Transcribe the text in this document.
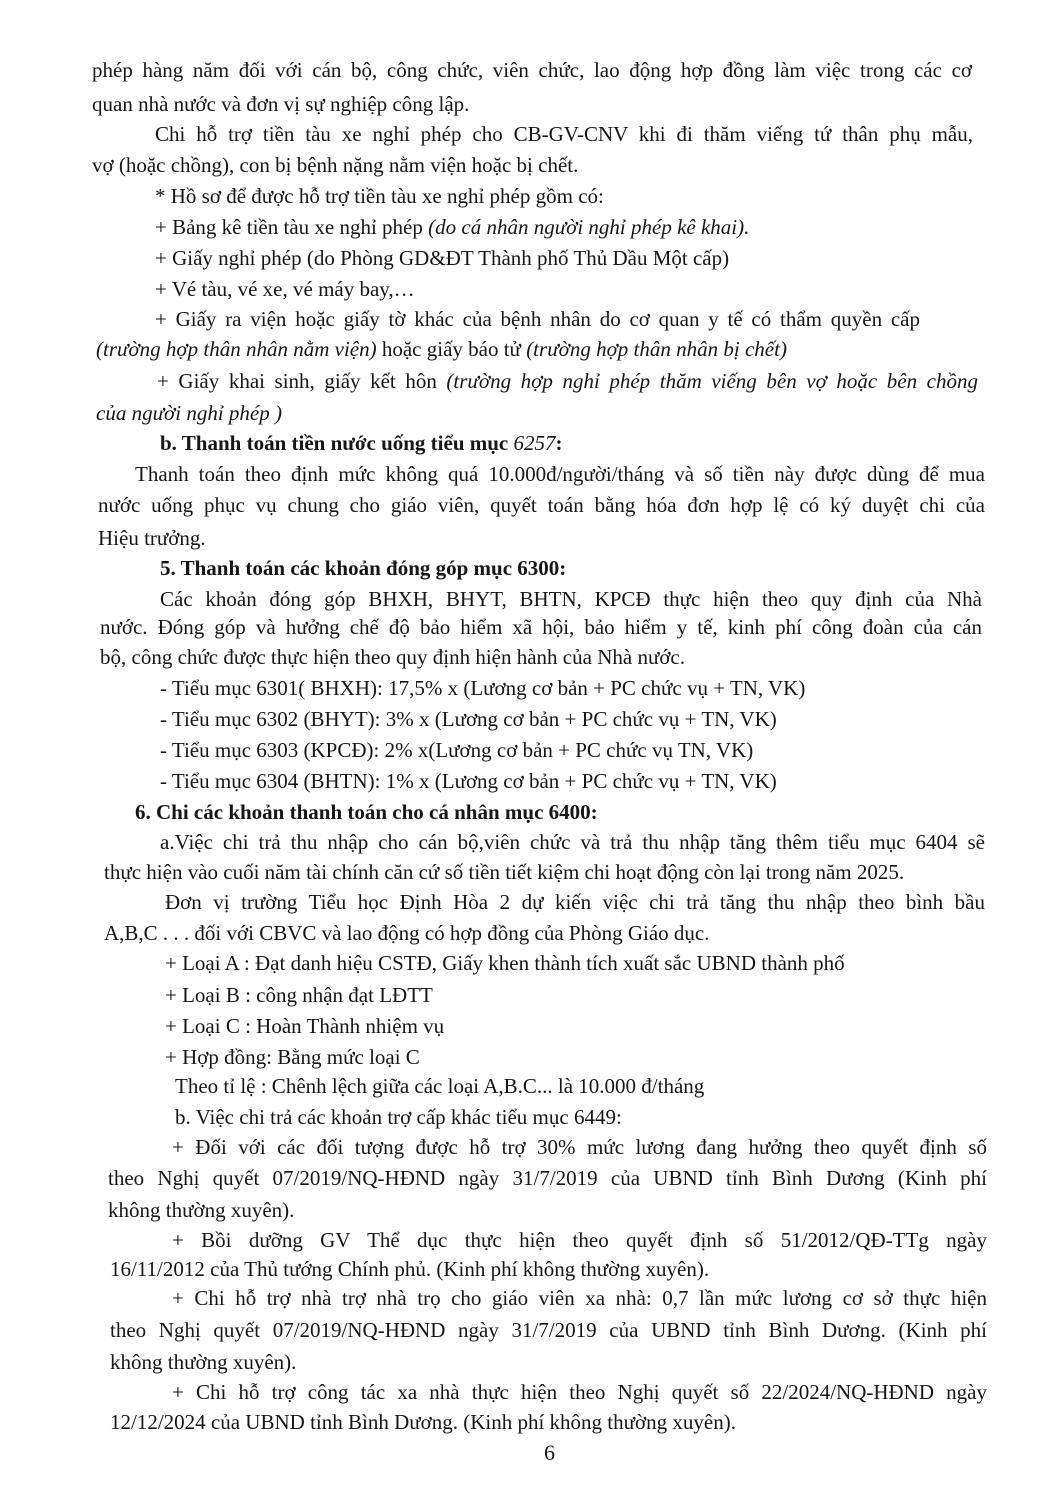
phép hàng năm đối với cán bộ, công chức, viên chức, lao động hợp đồng làm việc trong các cơ
quan nhà nước và đơn vị sự nghiệp công lập.
Chi hỗ trợ tiền tàu xe nghỉ phép cho CB-GV-CNV khi đi thăm viếng tứ thân phụ mẫu,
vợ (hoặc chồng), con bị bệnh nặng nằm viện hoặc bị chết.
* Hồ sơ để được hỗ trợ tiền tàu xe nghỉ phép gồm có:
+ Bảng kê tiền tàu xe nghỉ phép (do cá nhân người nghỉ phép kê khai).
+ Giấy nghỉ phép (do Phòng GD&ĐT Thành phố Thủ Dầu Một cấp)
+ Vé tàu, vé xe, vé máy bay,…
+ Giấy ra viện hoặc giấy tờ khác của bệnh nhân do cơ quan y tế có thẩm quyền cấp
(trường hợp thân nhân nằm viện) hoặc giấy báo tử (trường hợp thân nhân bị chết)
+ Giấy khai sinh, giấy kết hôn (trường hợp nghỉ phép thăm viếng bên vợ hoặc bên chồng
của người nghỉ phép )
b. Thanh toán tiền nước uống tiểu mục 6257:
Thanh toán theo định mức không quá 10.000đ/người/tháng và số tiền này được dùng để mua
nước uống phục vụ chung cho giáo viên, quyết toán bằng hóa đơn hợp lệ có ký duyệt chi của
Hiệu trưởng.
5. Thanh toán các khoản đóng góp mục 6300:
Các khoản đóng góp BHXH, BHYT, BHTN, KPCĐ thực hiện theo quy định của Nhà
nước. Đóng góp và hưởng chế độ bảo hiểm xã hội, bảo hiểm y tế, kinh phí công đoàn của cán
bộ, công chức được thực hiện theo quy định hiện hành của Nhà nước.
- Tiểu mục 6301( BHXH): 17,5% x (Lương cơ bản + PC chức vụ + TN, VK)
- Tiểu mục 6302 (BHYT): 3% x (Lương cơ bản + PC chức vụ + TN, VK)
- Tiểu mục 6303 (KPCĐ): 2% x(Lương cơ bản + PC chức vụ TN, VK)
- Tiểu mục 6304 (BHTN): 1% x (Lương cơ bản + PC chức vụ + TN, VK)
6. Chi các khoản thanh toán cho cá nhân mục 6400:
a.Việc chi trả thu nhập cho cán bộ,viên chức và trả thu nhập tăng thêm tiểu mục 6404 sẽ
thực hiện vào cuối năm tài chính căn cứ số tiền tiết kiệm chi hoạt động còn lại trong năm 2025.
Đơn vị trường Tiểu học Định Hòa 2 dự kiến việc chi trả tăng thu nhập theo bình bầu
A,B,C . . . đối với CBVC và lao động có hợp đồng của Phòng Giáo dục.
+ Loại A : Đạt danh hiệu CSTĐ, Giấy khen thành tích xuất sắc UBND thành phố
+ Loại B : công nhận đạt LĐTT
+ Loại C : Hoàn Thành nhiệm vụ
+ Hợp đồng: Bằng mức loại C
Theo tỉ lệ : Chênh lệch giữa các loại A,B.C... là 10.000 đ/tháng
b. Việc chi trả các khoản trợ cấp khác tiểu mục 6449:
+ Đối với các đối tượng được hỗ trợ 30% mức lương đang hưởng theo quyết định số
theo Nghị quyết 07/2019/NQ-HĐND ngày 31/7/2019 của UBND tỉnh Bình Dương (Kinh phí
không thường xuyên).
+ Bồi dưỡng GV Thể dục thực hiện theo quyết định số 51/2012/QĐ-TTg ngày
16/11/2012 của Thủ tướng Chính phủ. (Kinh phí không thường xuyên).
+ Chi hỗ trợ nhà trợ nhà trọ cho giáo viên xa nhà: 0,7 lần mức lương cơ sở thực hiện
theo Nghị quyết 07/2019/NQ-HĐND ngày 31/7/2019 của UBND tỉnh Bình Dương. (Kinh phí
không thường xuyên).
+ Chi hỗ trợ công tác xa nhà thực hiện theo Nghị quyết số 22/2024/NQ-HĐND ngày
12/12/2024 của UBND tỉnh Bình Dương. (Kinh phí không thường xuyên).
6
